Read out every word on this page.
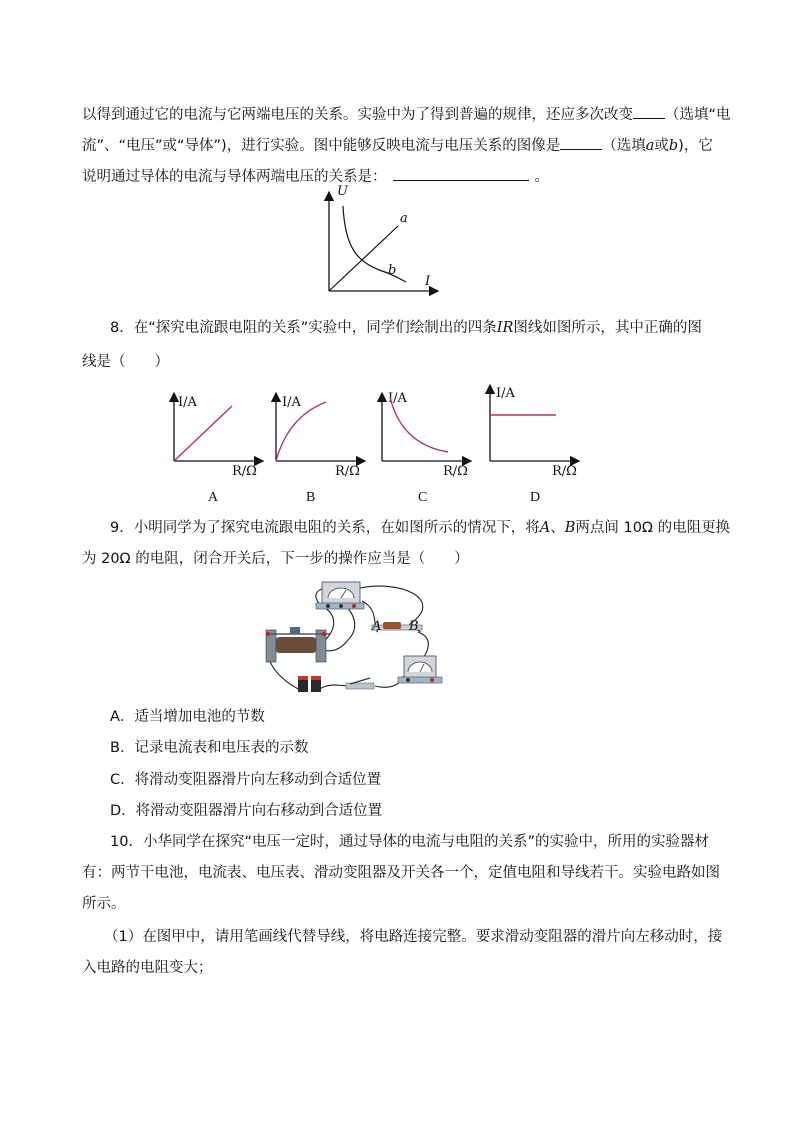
以得到通过它的电流与它两端电压的关系。实验中为了得到普遍的规律，还应多次改变 （选填“电
流”、“电压”或“导体”)，进行实验。图中能够反映电流与电压关系的图像是	（选填a或b)，它
说明通过导体的电流与导体两端电压的关系是：	。
U
I
a
b
8．在“探究电流跟电阻的关系”实验中，同学们绘制出的四条IR图线如图所示，其中正确的图
线是（　　）
I/A
R/Ω
I/A
R/Ω
I/A
R/Ω
I/A
R/Ω
A	B	C	D
9．小明同学为了探究电流跟电阻的关系，在如图所示的情况下，将A、B两点间 10Ω 的电阻更换
为 20Ω 的电阻，闭合开关后，下一步的操作应当是（　　）
A B
A．适当增加电池的节数
B．记录电流表和电压表的示数
C．将滑动变阻器滑片向左移动到合适位置
D．将滑动变阻器滑片向右移动到合适位置
10．小华同学在探究“电压一定时，通过导体的电流与电阻的关系”的实验中，所用的实验器材
有：两节干电池，电流表、电压表、滑动变阻器及开关各一个，定值电阻和导线若干。实验电路如图
所示。
（1）在图甲中，请用笔画线代替导线，将电路连接完整。要求滑动变阻器的滑片向左移动时，接
入电路的电阻变大；
